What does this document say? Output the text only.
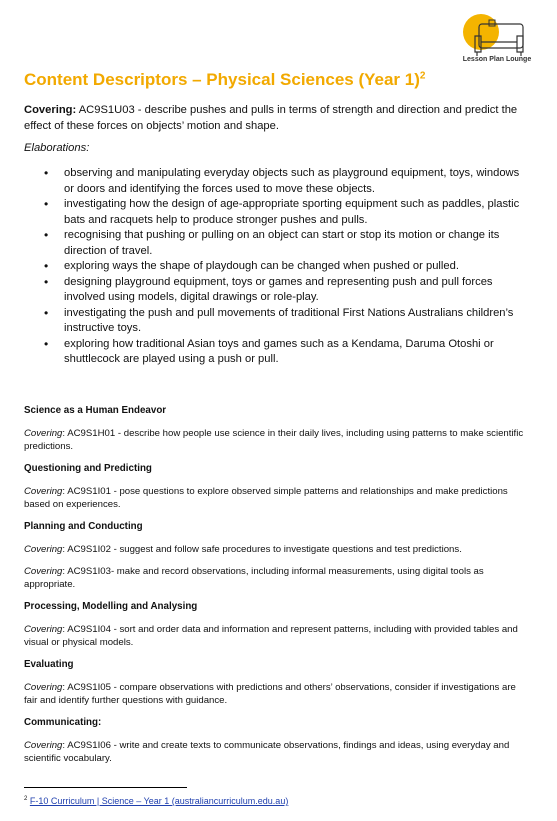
Lesson Plan Lounge
Content Descriptors – Physical Sciences (Year 1)$^2$

Covering: AC9S1U03 - describe pushes and pulls in terms of strength and direction and predict the effect of these forces on objects’ motion and shape.

Elaborations:

• observing and manipulating everyday objects such as playground equipment, toys, windows or doors and identifying the forces used to move these objects.
• investigating how the design of age-appropriate sporting equipment such as paddles, plastic bats and racquets help to produce stronger pushes and pulls.
• recognising that pushing or pulling on an object can start or stop its motion or change its direction of travel.
• exploring ways the shape of playdough can be changed when pushed or pulled.
• designing playground equipment, toys or games and representing push and pull forces involved using models, digital drawings or role-play.
• investigating the push and pull movements of traditional First Nations Australians children’s instructive toys.
• exploring how traditional Asian toys and games such as a Kendama, Daruma Otoshi or shuttlecock are played using a push or pull.

Science as a Human Endeavor

Covering: AC9S1H01 - describe how people use science in their daily lives, including using patterns to make scientific predictions.

Questioning and Predicting

Covering: AC9S1I01 - pose questions to explore observed simple patterns and relationships and make predictions based on experiences.

Planning and Conducting

Covering: AC9S1I02 - suggest and follow safe procedures to investigate questions and test predictions.

Covering: AC9S1I03- make and record observations, including informal measurements, using digital tools as appropriate.

Processing, Modelling and Analysing

Covering: AC9S1I04 - sort and order data and information and represent patterns, including with provided tables and visual or physical models.

Evaluating

Covering: AC9S1I05 - compare observations with predictions and others’ observations, consider if investigations are fair and identify further questions with guidance.

Communicating:

Covering: AC9S1I06 - write and create texts to communicate observations, findings and ideas, using everyday and scientific vocabulary.

$^2$ F-10 Curriculum | Science – Year 1 (australiancurriculum.edu.au)
